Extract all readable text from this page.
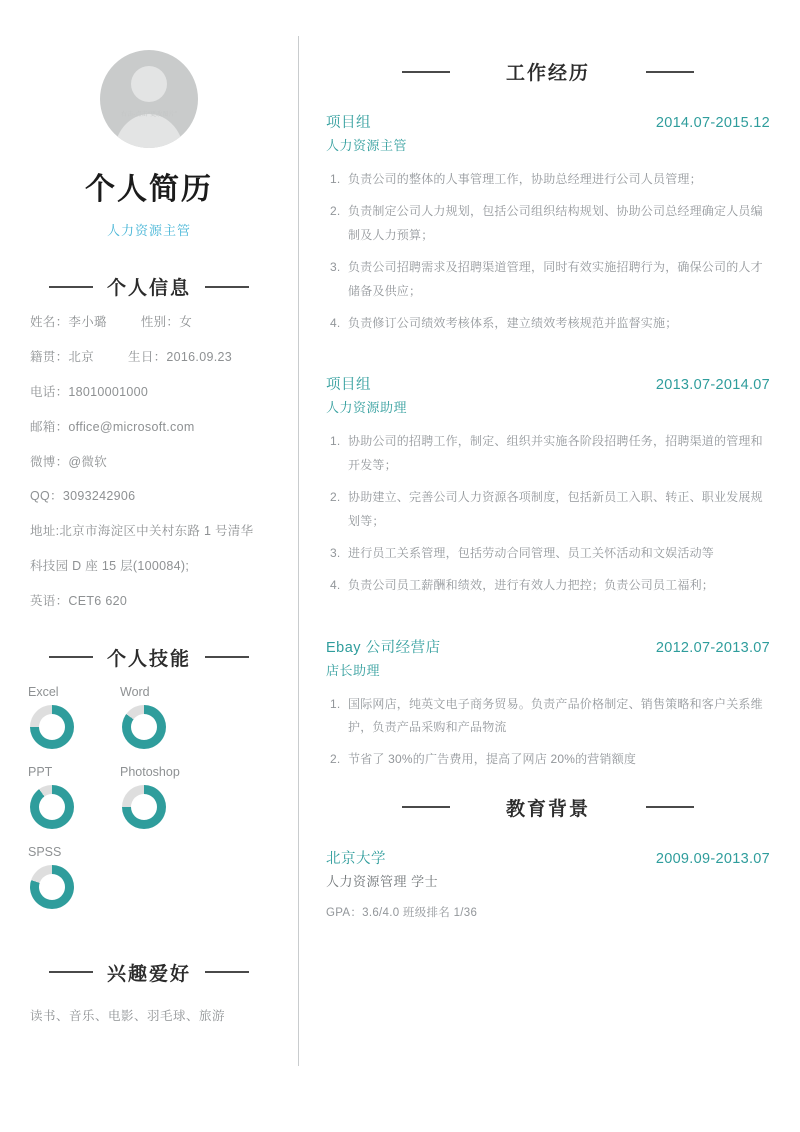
右击-点击“更改图片”
个人简历
人力资源主管
个人信息
姓名：李小璐	性别：女
籍贯：北京	生日：2016.09.23
电话：18010001000
邮箱：office@microsoft.com
微博：@微软
QQ：3093242906
地址:北京市海淀区中关村东路 1 号清华
科技园 D 座 15 层(100084);
英语：CET6 620
个人技能
Excel	Word
PPT	Photoshop
SPSS
兴趣爱好
读书、音乐、电影、羽毛球、旅游
工作经历
项目组	2014.07-2015.12
人力资源主管
1. 负责公司的整体的人事管理工作，协助总经理进行公司人员管理；
2. 负责制定公司人力规划，包括公司组织结构规划、协助公司总经理确定人员编制及人力预算；
3. 负责公司招聘需求及招聘渠道管理，同时有效实施招聘行为，确保公司的人才储备及供应；
4. 负责修订公司绩效考核体系，建立绩效考核规范并监督实施；
项目组	2013.07-2014.07
人力资源助理
1. 协助公司的招聘工作，制定、组织并实施各阶段招聘任务，招聘渠道的管理和开发等；
2. 协助建立、完善公司人力资源各项制度，包括新员工入职、转正、职业发展规划等；
3. 进行员工关系管理，包括劳动合同管理、员工关怀活动和文娱活动等
4. 负责公司员工薪酬和绩效，进行有效人力把控；负责公司员工福利；
Ebay 公司经营店	2012.07-2013.07
店长助理
1. 国际网店，纯英文电子商务贸易。负责产品价格制定、销售策略和客户关系维护，负责产品采购和产品物流
2. 节省了 30%的广告费用，提高了网店 20%的营销额度
教育背景
北京大学	2009.09-2013.07
人力资源管理 学士
GPA：3.6/4.0 班级排名 1/36
